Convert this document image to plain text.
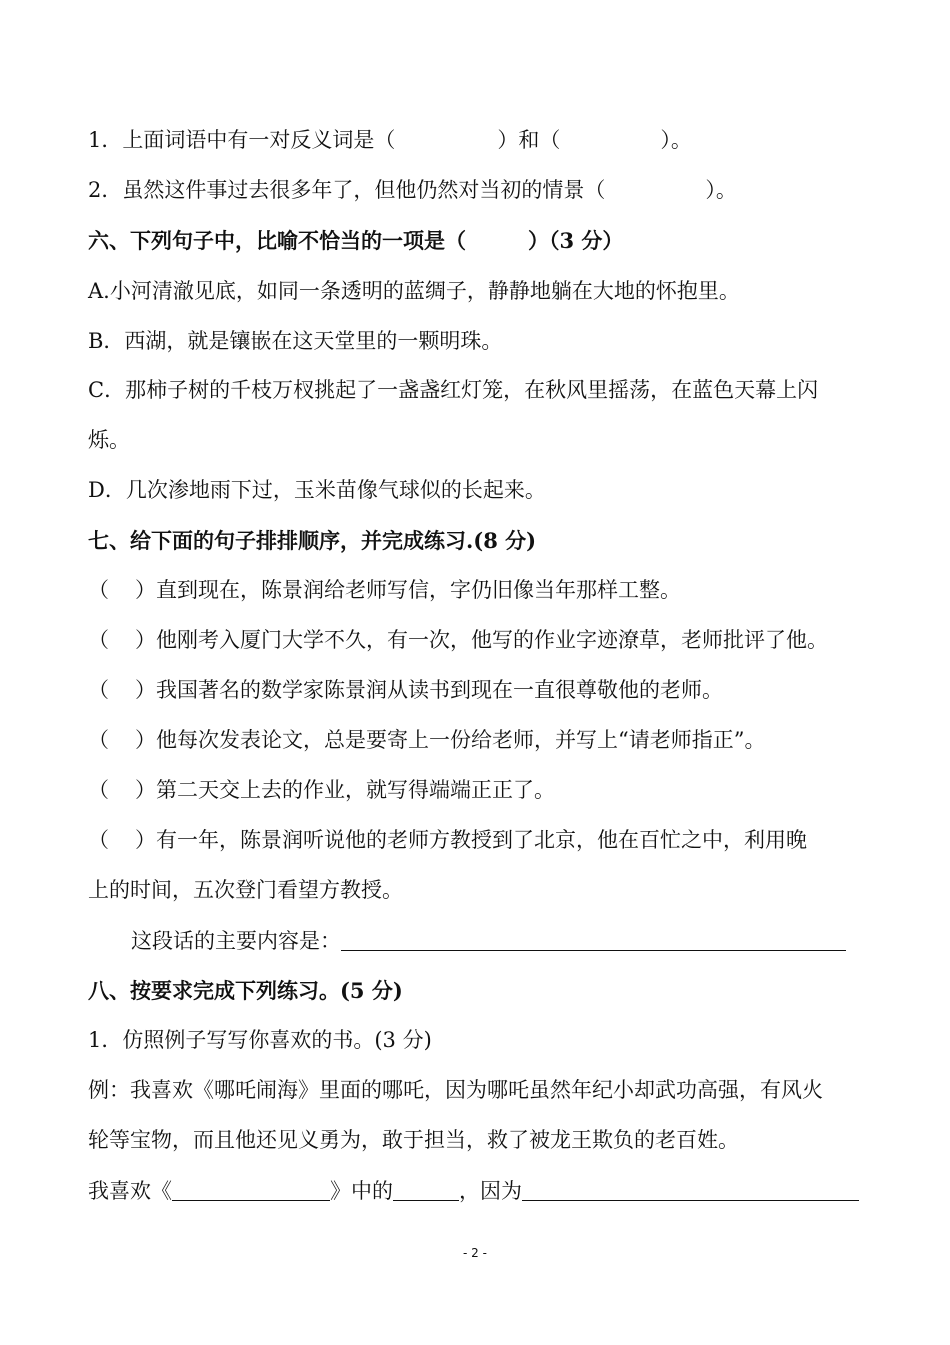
1．上面词语中有一对反义词是（	）和（	）。
2．虽然这件事过去很多年了，但他仍然对当初的情景（	）。
六、下列句子中，比喻不恰当的一项是（	）（3 分）
A.小河清澈见底，如同一条透明的蓝绸子，静静地躺在大地的怀抱里。
B．西湖，就是镶嵌在这天堂里的一颗明珠。
C．那柿子树的千枝万杈挑起了一盏盏红灯笼，在秋风里摇荡，在蓝色天幕上闪
烁。
D．几次渗地雨下过，玉米苗像气球似的长起来。
七、给下面的句子排排顺序，并完成练习.(8 分)
（ ）直到现在，陈景润给老师写信，字仍旧像当年那样工整。
（ ）他刚考入厦门大学不久，有一次，他写的作业字迹潦草，老师批评了他。
（ ）我国著名的数学家陈景润从读书到现在一直很尊敬他的老师。
（ ）他每次发表论文，总是要寄上一份给老师，并写上“请老师指正”。
（ ）第二天交上去的作业，就写得端端正正了。
（ ）有一年，陈景润听说他的老师方教授到了北京，他在百忙之中，利用晚
上的时间，五次登门看望方教授。
这段话的主要内容是：
八、按要求完成下列练习。(5 分)
1．仿照例子写写你喜欢的书。(3 分)
例：我喜欢《哪吒闹海》里面的哪吒，因为哪吒虽然年纪小却武功高强，有风火
轮等宝物，而且他还见义勇为，敢于担当，救了被龙王欺负的老百姓。
我喜欢《	》中的	，因为
- 2 -
